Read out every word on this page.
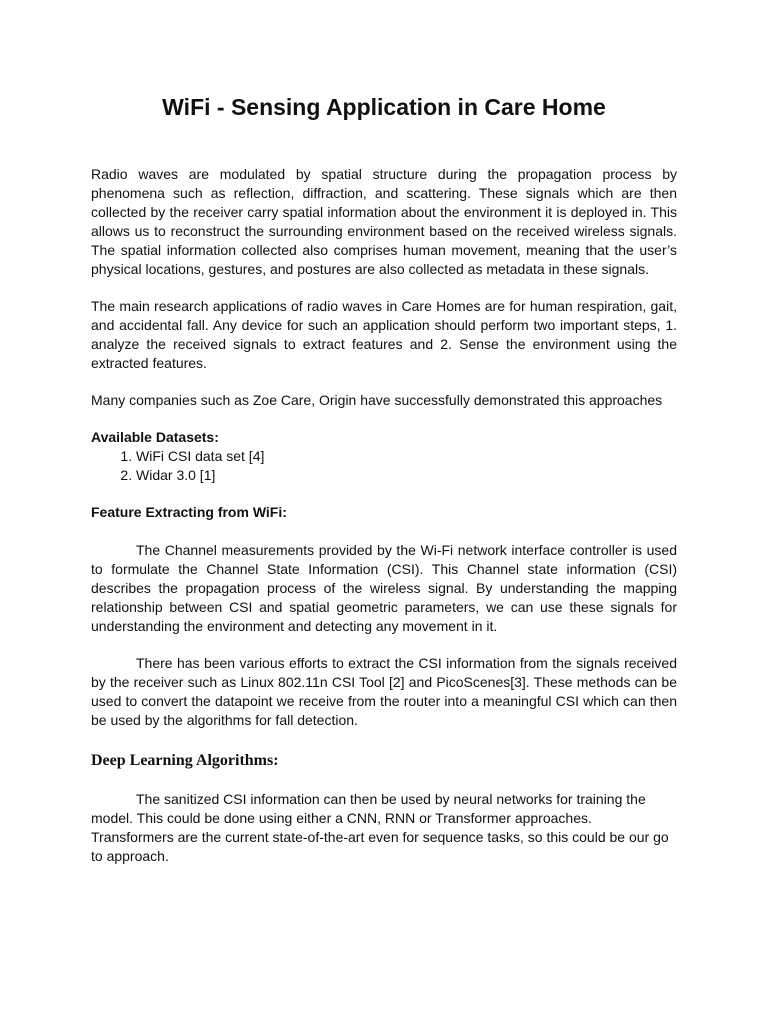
WiFi - Sensing Application in Care Home

Radio waves are modulated by spatial structure during the propagation process by phenomena such as reflection, diffraction, and scattering. These signals which are then collected by the receiver carry spatial information about the environment it is deployed in. This allows us to reconstruct the surrounding environment based on the received wireless signals. The spatial information collected also comprises human movement, meaning that the user’s physical locations, gestures, and postures are also collected as metadata in these signals.

The main research applications of radio waves in Care Homes are for human respiration, gait, and accidental fall. Any device for such an application should perform two important steps, 1. analyze the received signals to extract features and 2. Sense the environment using the extracted features.

Many companies such as Zoe Care, Origin have successfully demonstrated this approaches

Available Datasets:

1. WiFi CSI data set [4]
2. Widar 3.0 [1]

Feature Extracting from WiFi:

The Channel measurements provided by the Wi-Fi network interface controller is used to formulate the Channel State Information (CSI). This Channel state information (CSI) describes the propagation process of the wireless signal. By understanding the mapping relationship between CSI and spatial geometric parameters, we can use these signals for understanding the environment and detecting any movement in it.

There has been various efforts to extract the CSI information from the signals received by the receiver such as Linux 802.11n CSI Tool [2] and PicoScenes[3]. These methods can be used to convert the datapoint we receive from the router into a meaningful CSI which can then be used by the algorithms for fall detection.

Deep Learning Algorithms:

The sanitized CSI information can then be used by neural networks for training the model. This could be done using either a CNN, RNN or Transformer approaches. Transformers are the current state-of-the-art even for sequence tasks, so this could be our go to approach.
